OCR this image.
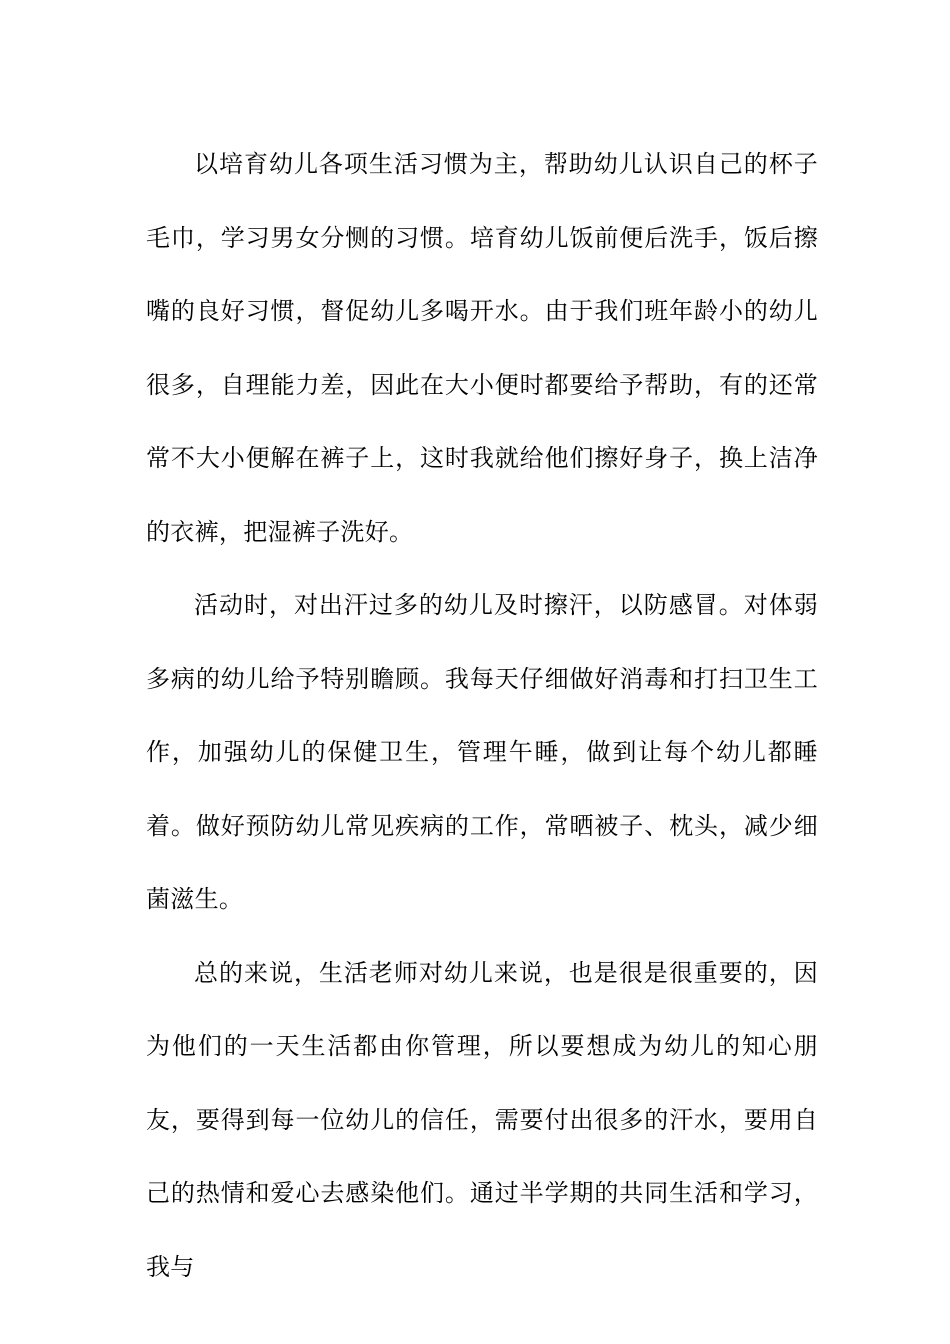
以培育幼儿各项生活习惯为主，帮助幼儿认识自己的杯子毛巾，学习男女分恻的习惯。培育幼儿饭前便后洗手，饭后擦嘴的良好习惯，督促幼儿多喝开水。由于我们班年龄小的幼儿很多，自理能力差，因此在大小便时都要给予帮助，有的还常常不大小便解在裤子上，这时我就给他们擦好身子，换上洁净的衣裤，把湿裤子洗好。

活动时，对出汗过多的幼儿及时擦汗，以防感冒。对体弱多病的幼儿给予特别瞻顾。我每天仔细做好消毒和打扫卫生工作，加强幼儿的保健卫生，管理午睡，做到让每个幼儿都睡着。做好预防幼儿常见疾病的工作，常晒被子、枕头，减少细菌滋生。

总的来说，生活老师对幼儿来说，也是很是很重要的，因为他们的一天生活都由你管理，所以要想成为幼儿的知心朋友，要得到每一位幼儿的信任，需要付出很多的汗水，要用自己的热情和爱心去感染他们。通过半学期的共同生活和学习，我与
